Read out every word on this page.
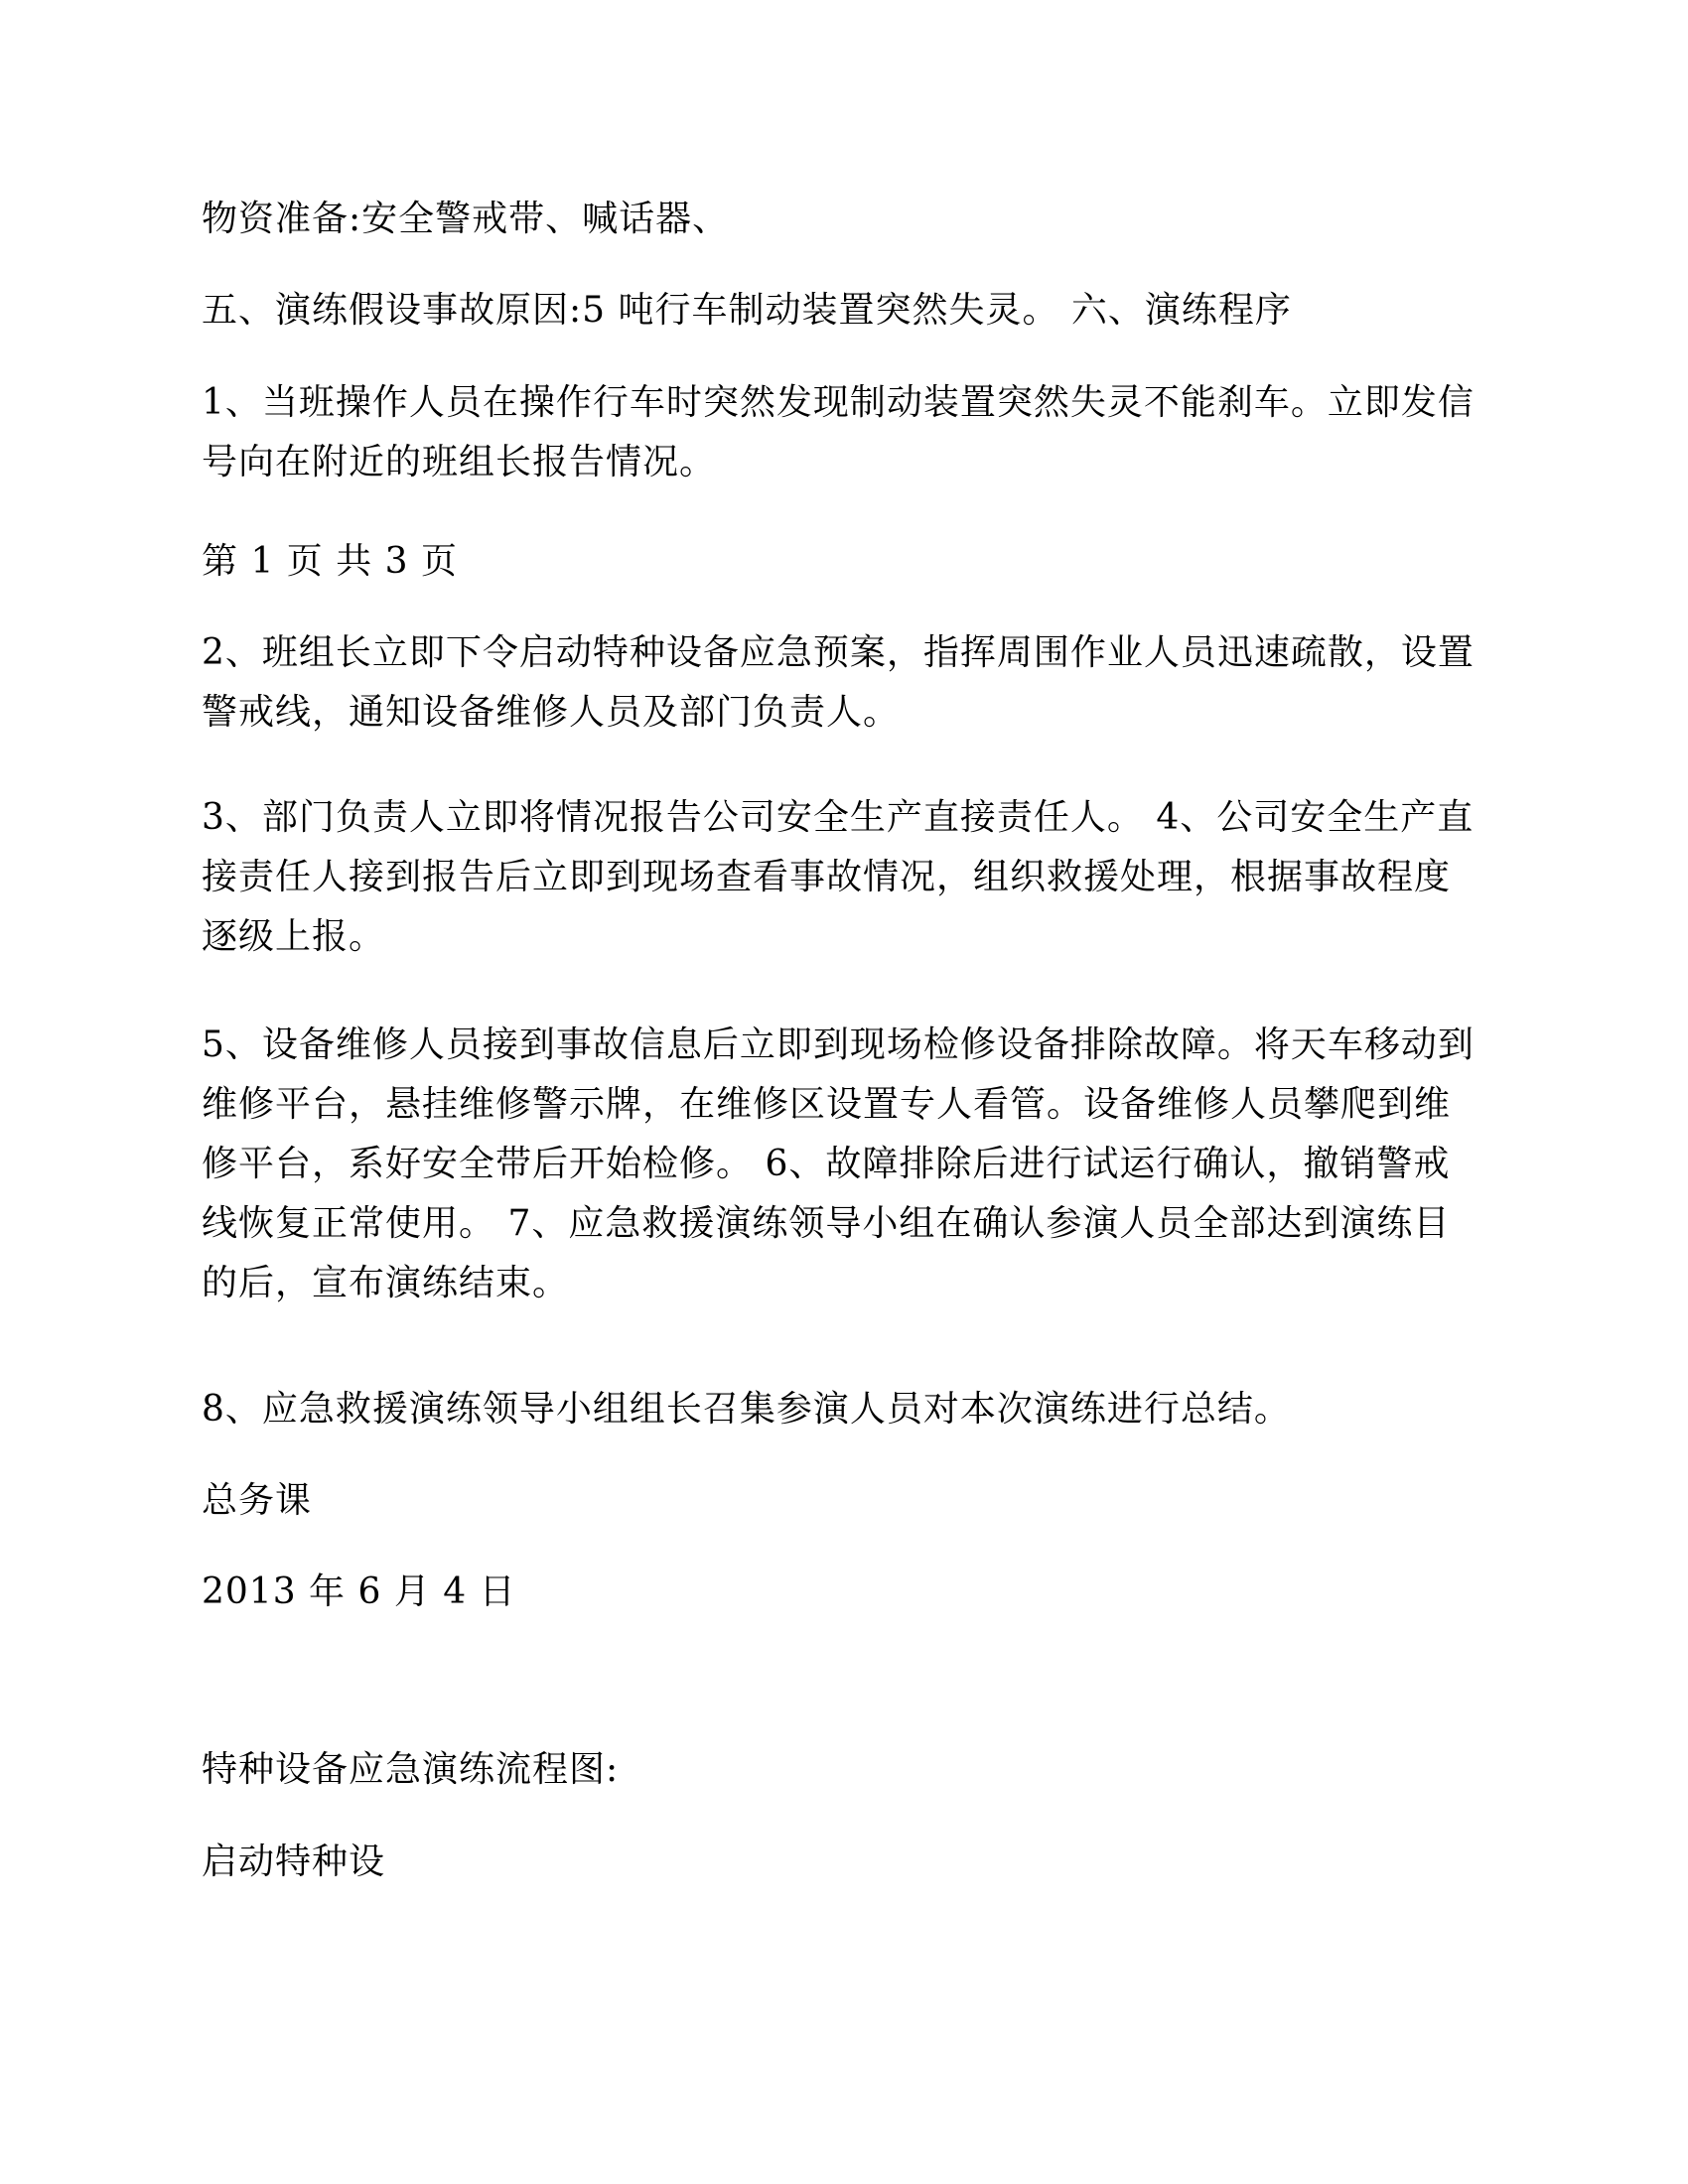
物资准备:安全警戒带、喊话器、

五、演练假设事故原因:5 吨行车制动装置突然失灵。 六、演练程序

1、当班操作人员在操作行车时突然发现制动装置突然失灵不能刹车。立即发信号向在附近的班组长报告情况。

第 1 页 共 3 页

2、班组长立即下令启动特种设备应急预案，指挥周围作业人员迅速疏散，设置警戒线，通知设备维修人员及部门负责人。

3、部门负责人立即将情况报告公司安全生产直接责任人。 4、公司安全生产直接责任人接到报告后立即到现场查看事故情况，组织救援处理，根据事故程度逐级上报。

5、设备维修人员接到事故信息后立即到现场检修设备排除故障。将天车移动到维修平台，悬挂维修警示牌，在维修区设置专人看管。设备维修人员攀爬到维修平台，系好安全带后开始检修。 6、故障排除后进行试运行确认，撤销警戒线恢复正常使用。 7、应急救援演练领导小组在确认参演人员全部达到演练目的后，宣布演练结束。

8、应急救援演练领导小组组长召集参演人员对本次演练进行总结。

总务课

2013 年 6 月 4 日

特种设备应急演练流程图:

启动特种设
